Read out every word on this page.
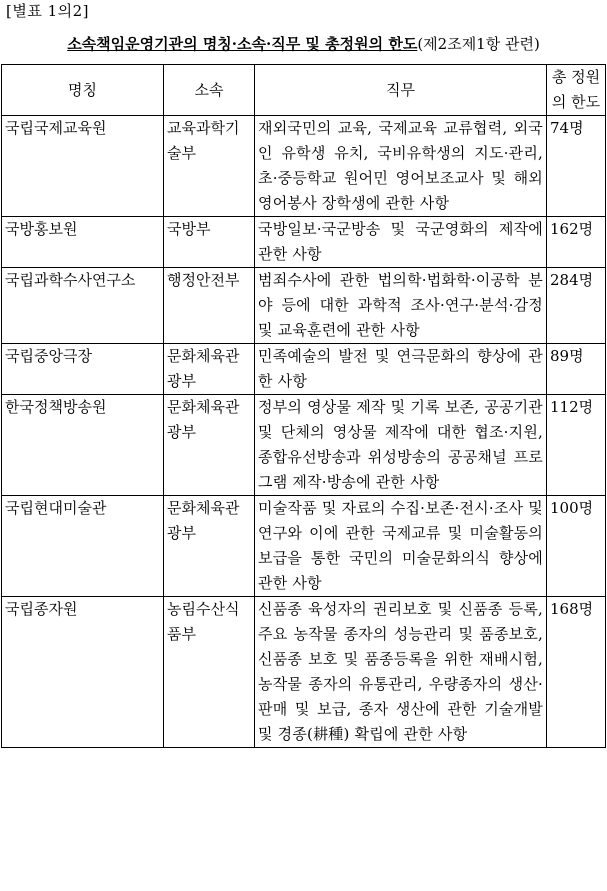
[별표 1의2]
소속책임운영기관의 명칭·소속·직무 및 총정원의 한도(제2조제1항 관련)
명칭	소속	직무	총 정원
의 한도
국립국제교육원	교육과학기술부	재외국민의 교육, 국제교육 교류협력, 외국인 유학생 유치, 국비유학생의 지도·관리, 초·중등학교 원어민 영어보조교사 및 해외 영어봉사 장학생에 관한 사항	74명
국방홍보원	국방부	국방일보·국군방송 및 국군영화의 제작에 관한 사항	162명
국립과학수사연구소	행정안전부	범죄수사에 관한 법의학·법화학·이공학 분야 등에 대한 과학적 조사·연구·분석·감정 및 교육훈련에 관한 사항	284명
국립중앙극장	문화체육관광부	민족예술의 발전 및 연극문화의 향상에 관한 사항	89명
한국정책방송원	문화체육관광부	정부의 영상물 제작 및 기록 보존, 공공기관 및 단체의 영상물 제작에 대한 협조·지원, 종합유선방송과 위성방송의 공공채널 프로그램 제작·방송에 관한 사항	112명
국립현대미술관	문화체육관광부	미술작품 및 자료의 수집·보존·전시·조사 및 연구와 이에 관한 국제교류 및 미술활동의 보급을 통한 국민의 미술문화의식 향상에 관한 사항	100명
국립종자원	농림수산식품부	신품종 육성자의 권리보호 및 신품종 등록, 주요 농작물 종자의 성능관리 및 품종보호, 신품종 보호 및 품종등록을 위한 재배시험, 농작물 종자의 유통관리, 우량종자의 생산·판매 및 보급, 종자 생산에 관한 기술개발 및 경종(耕種) 확립에 관한 사항	168명
